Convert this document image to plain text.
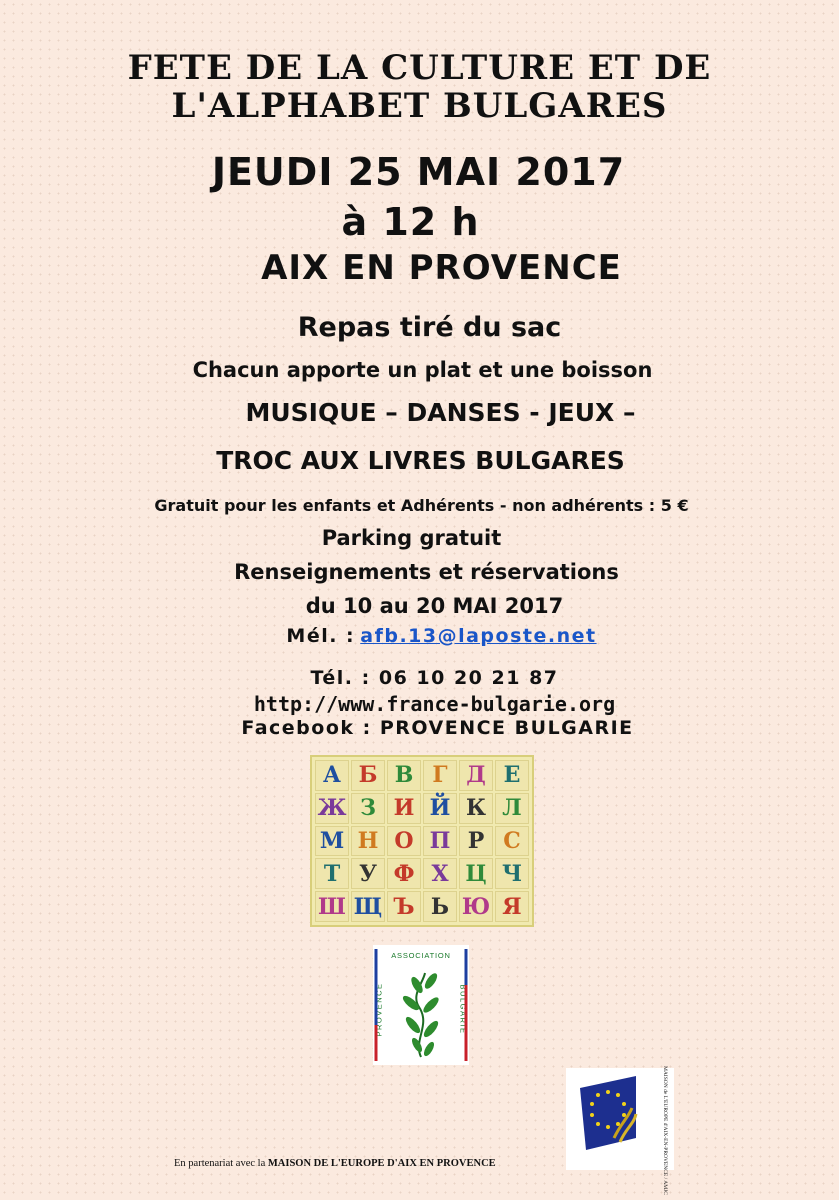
FETE DE LA CULTURE ET DE
L'ALPHABET BULGARES
JEUDI 25 MAI 2017
à 12 h
AIX EN PROVENCE
Repas tiré du sac
Chacun apporte un plat et une boisson
MUSIQUE – DANSES - JEUX –
TROC AUX LIVRES BULGARES
Gratuit pour les enfants et Adhérents - non adhérents : 5 €
Parking gratuit
Renseignements et réservations
du 10 au 20 MAI 2017
Mél. : afb.13@laposte.net
Tél. : 06 10 20 21 87
http://www.france-bulgarie.org
Facebook : PROVENCE BULGARIE
А Б В Г Д Е
Ж З И Й К Л
М Н О П Р С
Т У Ф Х Ц Ч
Ш Щ Ъ Ь Ю Я
ASSOCIATION
PROVENCE	BULGARIE
MAISON de L'EUROPE d'AIX-EN-PROVENCE / AMJC
En partenariat avec la MAISON DE L'EUROPE D'AIX EN PROVENCE
